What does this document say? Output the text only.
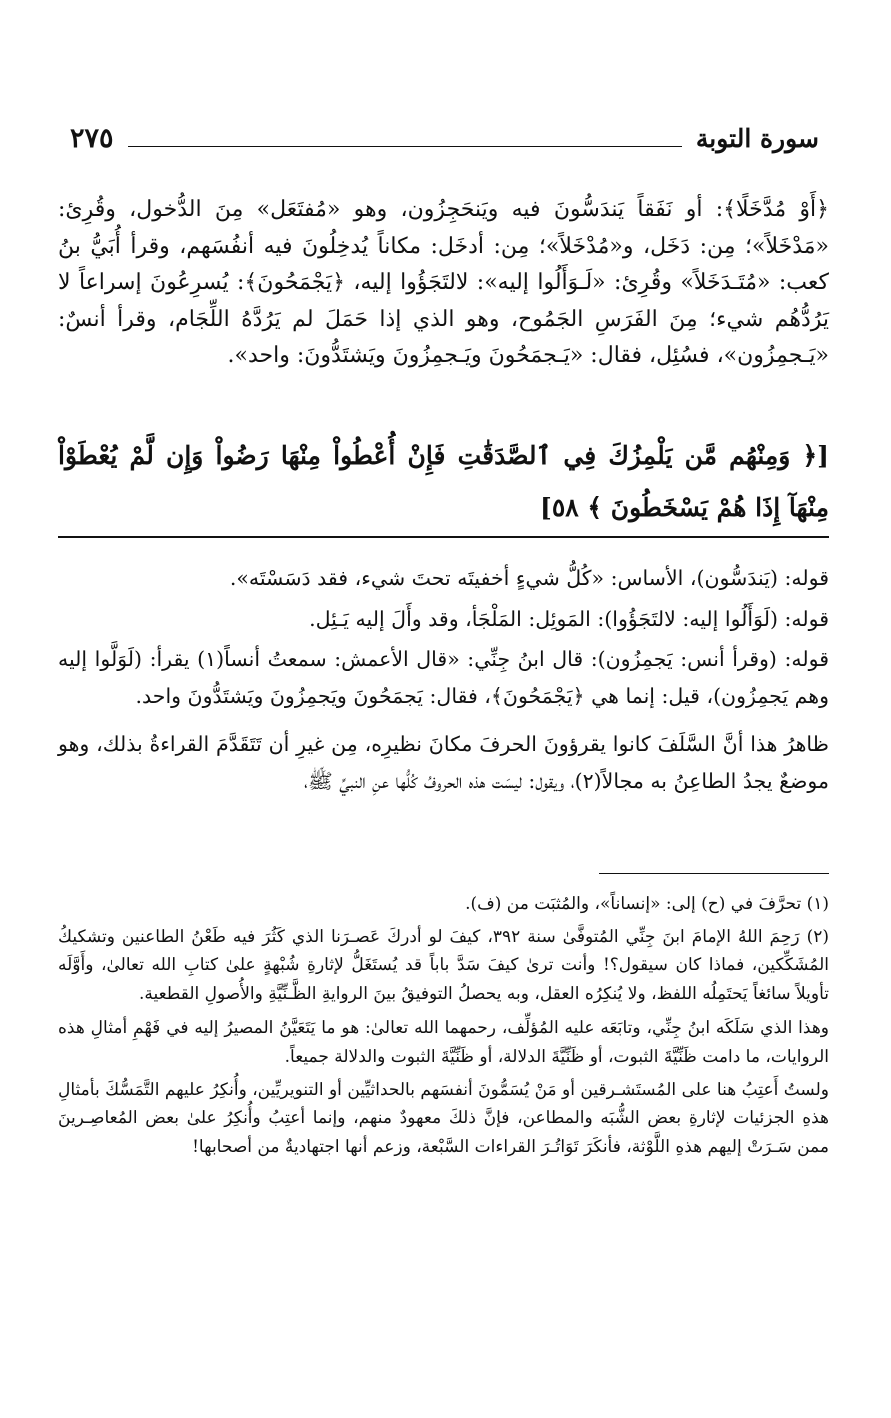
سورة التوبة
٢٧٥

﴿أَوْ مُدَّخَلًا﴾: أو نَفَقاً يَندَسُّونَ فيه ويَنحَجِزُون، وهو «مُفتَعَل» مِنَ الدُّخول، وقُرِئ: «مَدْخَلاً»؛ مِن: دَخَل، و«مُدْخَلاً»؛ مِن: أدخَل: مكاناً يُدخِلُونَ فيه أنفُسَهم، وقرأ أُبَيُّ بنُ كعب: «مُتَـدَخَلاً» وقُرِئ: «لَـوَأَلُوا إليه»: لالتَجَؤُوا إليه، ﴿يَجْمَحُونَ﴾: يُسرِعُونَ إسراعاً لا يَرُدُّهُم شيء؛ مِنَ الفَرَسِ الجَمُوح، وهو الذي إذا حَمَلَ لم يَرُدَّهُ اللِّجَام، وقرأ أنسٌ: «يَـجمِزُون»، فسُئِل، فقال: «يَـجمَحُونَ ويَـجمِزُونَ ويَشتَدُّونَ: واحد».

[﴿ وَمِنْهُم مَّن يَلْمِزُكَ فِي ٱلصَّدَقَٰتِ فَإِنْ أُعْطُواْ مِنْهَا رَضُواْ وَإِن لَّمْ يُعْطَوْاْ مِنْهَآ إِذَا هُمْ يَسْخَطُونَ ﴾ ٥٨]

قوله: (يَندَسُّون)، الأساس: «كُلُّ شيءٍ أخفيتَه تحتَ شيء، فقد دَسَسْتَه».

قوله: (لَوَأَلُوا إليه: لالتَجَؤُوا): المَوئِل: المَلْجَأ، وقد وأَلَ إليه يَـئِل.

قوله: (وقرأ أنس: يَجمِزُون): قال ابنُ جِنِّي: «قال الأعمش: سمعتُ أنساً(١) يقرأ: (لَوَلَّوا إليه وهم يَجمِزُون)، قيل: إنما هي ﴿يَجْمَحُونَ﴾، فقال: يَجمَحُونَ ويَجمِزُونَ ويَشتَدُّونَ واحد.

ظاهرُ هذا أنَّ السَّلَفَ كانوا يقرؤونَ الحرفَ مكانَ نظيرِه، مِن غيرِ أن تَتَقَدَّمَ القراءةُ بذلك، وهو موضعٌ يجدُ الطاعِنُ به مجالاً(٢)، ويقول: ليسَت هذه الحروفُ كُلُّها عنِ النبيِّ ﷺ،

(١) تحرَّفَ في (ح) إلى: «إنساناً»، والمُثبَت من (ف).

(٢) رَحِمَ اللهُ الإمامَ ابنَ جِنِّي المُتوفَّىٰ سنة ٣٩٢، كيفَ لو أدركَ عَصـرَنا الذي كَثُرَ فيه طَعْنُ الطاعنين وتشكيكُ المُشَكِّكين، فماذا كان سيقول؟! وأنت ترىٰ كيفَ سَدَّ باباً قد يُستَغَلُّ لإثارةِ شُبْهةٍ علىٰ كتابِ الله تعالىٰ، وأَوَّلَه تأويلاً سائغاً يَحتَمِلُه اللفظ، ولا يُنكِرُه العقل، وبه يحصلُ التوفيقُ بينَ الروايةِ الظَّـنِّيَّةِ والأُصولِ القطعية.

وهذا الذي سَلَكَه ابنُ جِنِّي، وتابَعَه عليه المُؤلِّف، رحمهما الله تعالىٰ: هو ما يَتَعَيَّنُ المصيرُ إليه في فَهْمِ أمثالِ هذه الروايات، ما دامت ظَنِّيَّةَ الثبوت، أو ظَنِّيَّةَ الدلالة، أو ظَنِّيَّةَ الثبوت والدلالة جميعاً.

ولستُ أَعتِبُ هنا على المُستَشـرقين أو مَنْ يُسَمُّونَ أنفسَهم بالحداثيِّين أو التنويريِّين، وأُنكِرُ عليهم التَّمَسُّكَ بأمثالِ هذهِ الجزئيات لإثارةِ بعض الشُّبَه والمطاعن، فإنَّ ذلكَ معهودٌ منهم، وإنما أعتِبُ وأُنكِرُ علىٰ بعض المُعاصِـرينَ ممن سَـرَتْ إليهم هذهِ اللَّوْثة، فأنكَرَ تَوَاتُـرَ القراءات السَّبْعة، وزعم أنها اجتهاديةٌ من أصحابها!
